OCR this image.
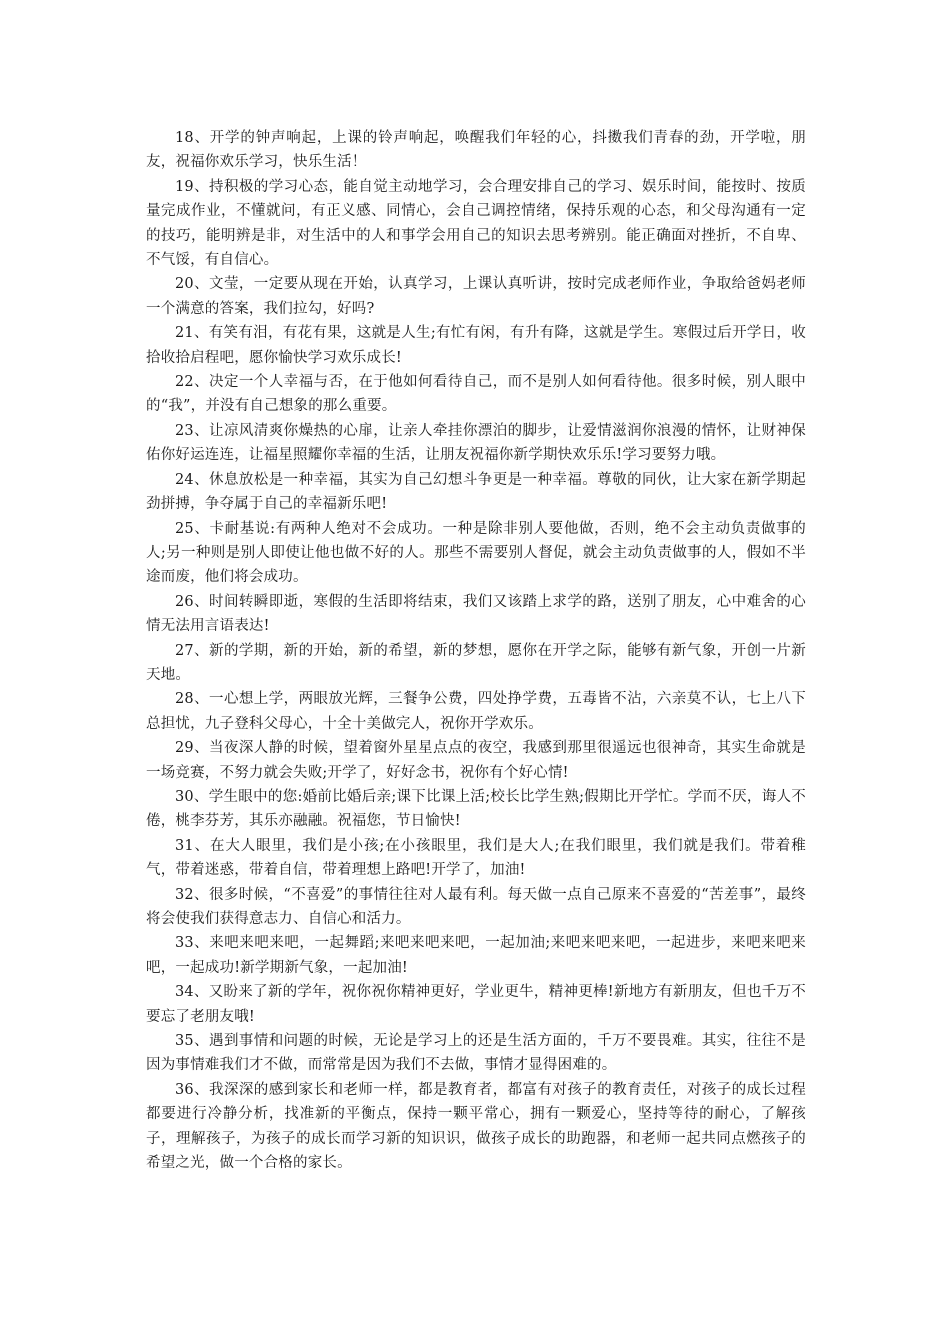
18、开学的钟声响起，上课的铃声响起，唤醒我们年轻的心，抖擞我们青春的劲，开学啦，朋友，祝福你欢乐学习，快乐生活！

19、持积极的学习心态，能自觉主动地学习，会合理安排自己的学习、娱乐时间，能按时、按质量完成作业，不懂就问，有正义感、同情心，会自己调控情绪，保持乐观的心态，和父母沟通有一定的技巧，能明辨是非，对生活中的人和事学会用自己的知识去思考辨别。能正确面对挫折，不自卑、不气馁，有自信心。

20、文莹，一定要从现在开始，认真学习，上课认真听讲，按时完成老师作业，争取给爸妈老师一个满意的答案，我们拉勾，好吗?

21、有笑有泪，有花有果，这就是人生;有忙有闲，有升有降，这就是学生。寒假过后开学日，收拾收拾启程吧，愿你愉快学习欢乐成长!

22、决定一个人幸福与否，在于他如何看待自己，而不是别人如何看待他。很多时候，别人眼中的“我”，并没有自己想象的那么重要。

23、让凉风清爽你燥热的心扉，让亲人牵挂你漂泊的脚步，让爱情滋润你浪漫的情怀，让财神保佑你好运连连，让福星照耀你幸福的生活，让朋友祝福你新学期快欢乐乐!学习要努力哦。

24、休息放松是一种幸福，其实为自己幻想斗争更是一种幸福。尊敬的同伙，让大家在新学期起劲拼搏，争夺属于自己的幸福新乐吧!

25、卡耐基说:有两种人绝对不会成功。一种是除非别人要他做，否则，绝不会主动负责做事的人;另一种则是别人即使让他也做不好的人。那些不需要别人督促，就会主动负责做事的人，假如不半途而废，他们将会成功。

26、时间转瞬即逝，寒假的生活即将结束，我们又该踏上求学的路，送别了朋友，心中难舍的心情无法用言语表达!

27、新的学期，新的开始，新的希望，新的梦想，愿你在开学之际，能够有新气象，开创一片新天地。

28、一心想上学，两眼放光辉，三餐争公费，四处挣学费，五毒皆不沾，六亲莫不认，七上八下总担忧，九子登科父母心，十全十美做完人，祝你开学欢乐。

29、当夜深人静的时候，望着窗外星星点点的夜空，我感到那里很遥远也很神奇，其实生命就是一场竞赛，不努力就会失败;开学了，好好念书，祝你有个好心情!

30、学生眼中的您:婚前比婚后亲;课下比课上活;校长比学生熟;假期比开学忙。学而不厌，诲人不倦，桃李芬芳，其乐亦融融。祝福您，节日愉快!

31、在大人眼里，我们是小孩;在小孩眼里，我们是大人;在我们眼里，我们就是我们。带着稚气，带着迷惑，带着自信，带着理想上路吧!开学了，加油!

32、很多时候，“不喜爱”的事情往往对人最有利。每天做一点自己原来不喜爱的“苦差事”，最终将会使我们获得意志力、自信心和活力。

33、来吧来吧来吧，一起舞蹈;来吧来吧来吧，一起加油;来吧来吧来吧，一起进步，来吧来吧来吧，一起成功!新学期新气象，一起加油!

34、又盼来了新的学年，祝你祝你精神更好，学业更牛，精神更棒!新地方有新朋友，但也千万不要忘了老朋友哦!

35、遇到事情和问题的时候，无论是学习上的还是生活方面的，千万不要畏难。其实，往往不是因为事情难我们才不做，而常常是因为我们不去做，事情才显得困难的。

36、我深深的感到家长和老师一样，都是教育者，都富有对孩子的教育责任，对孩子的成长过程都要进行冷静分析，找准新的平衡点，保持一颗平常心，拥有一颗爱心，坚持等待的耐心，了解孩子，理解孩子，为孩子的成长而学习新的知识识，做孩子成长的助跑器，和老师一起共同点燃孩子的希望之光，做一个合格的家长。
